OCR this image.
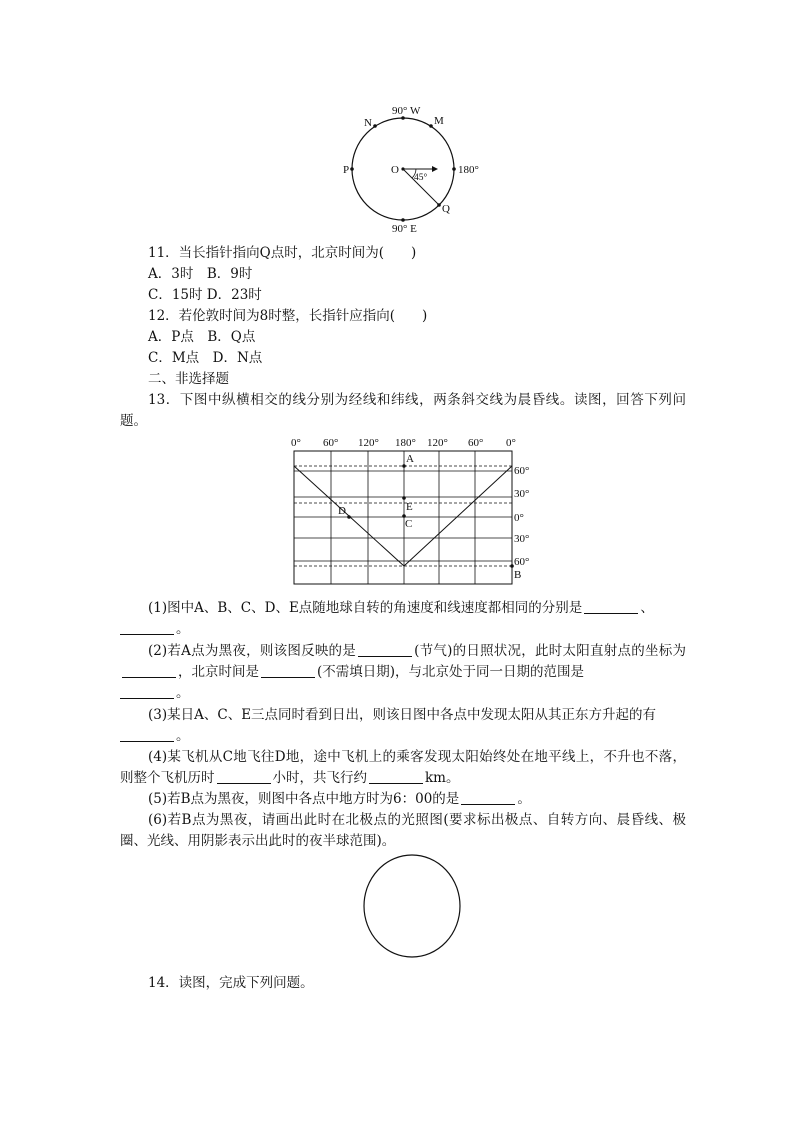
90° W
90° E
P	180°
N	M
O
Q
45°
11．当长指针指向Q点时，北京时间为(　　)
A．3时　B．9时
C．15时 D．23时
12．若伦敦时间为8时整，长指针应指向(　　)
A．P点　B．Q点
C．M点　D．N点
二、非选择题

13．下图中纵横相交的线分别为经线和纬线，两条斜交线为晨昏线。读图，回答下列问题。

0° 60° 120° 180° 120° 60° 0°
A
E
C
D
B
60°
30°
0°
30°
60°

(1)图中A、B、C、D、E点随地球自转的角速度和线速度都相同的分别是	、

。

(2)若A点为黑夜，则该图反映的是	(节气)的日照状况，此时太阳直射点的坐标为，北京时间是	(不需填日期)，与北京处于同一日期的范围是

。

(3)某日A、C、E三点同时看到日出，则该日图中各点中发现太阳从其正东方升起的有

。

(4)某飞机从C地飞往D地，途中飞机上的乘客发现太阳始终处在地平线上，不升也不落，则整个飞机历时	小时，共飞行约	km。

(5)若B点为黑夜，则图中各点中地方时为6：00的是	。

(6)若B点为黑夜，请画出此时在北极点的光照图(要求标出极点、自转方向、晨昏线、极圈、光线、用阴影表示出此时的夜半球范围)。

14．读图，完成下列问题。
